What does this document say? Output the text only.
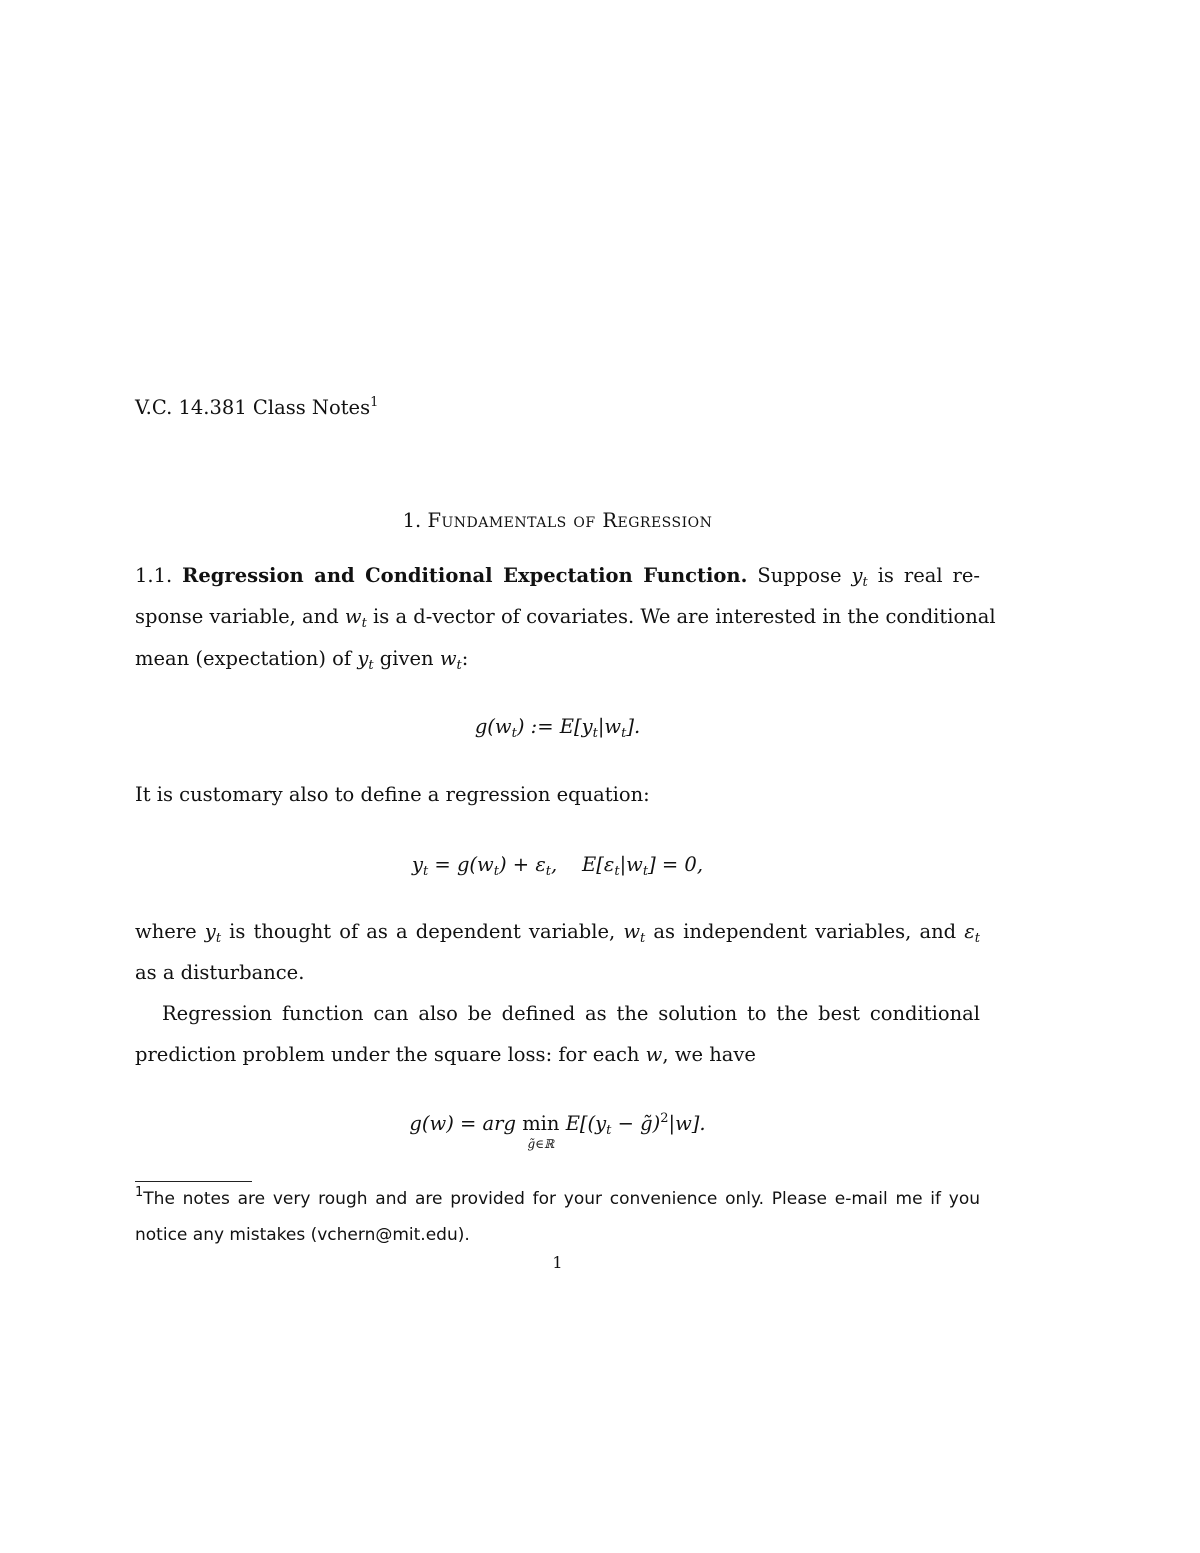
V.C. 14.381 Class Notes$^1$
1. Fundamentals of Regression
1.1. Regression and Conditional Expectation Function. Suppose $y_t$ is real re-
sponse variable, and $w_t$ is a d-vector of covariates. We are interested in the conditional
mean (expectation) of $y_t$ given $w_t$:
$g(w_t)$ := $E[y_t|w_t]$.
It is customary also to define a regression equation:
$y_t = g(w_t) + \varepsilon_t$,    $E[\varepsilon_t|w_t] = 0$,
where $y_t$ is thought of as a dependent variable, $w_t$ as independent variables, and $\varepsilon_t$
as a disturbance.
Regression function can also be defined as the solution to the best conditional
prediction problem under the square loss: for each w, we have
g(w) = arg min
g̃∈ℝ
$E[(y_t$ − g̃)$^2$|w].
$^1$The notes are very rough and are provided for your convenience only. Please e-mail me if you
notice any mistakes (vchern@mit.edu).
1
